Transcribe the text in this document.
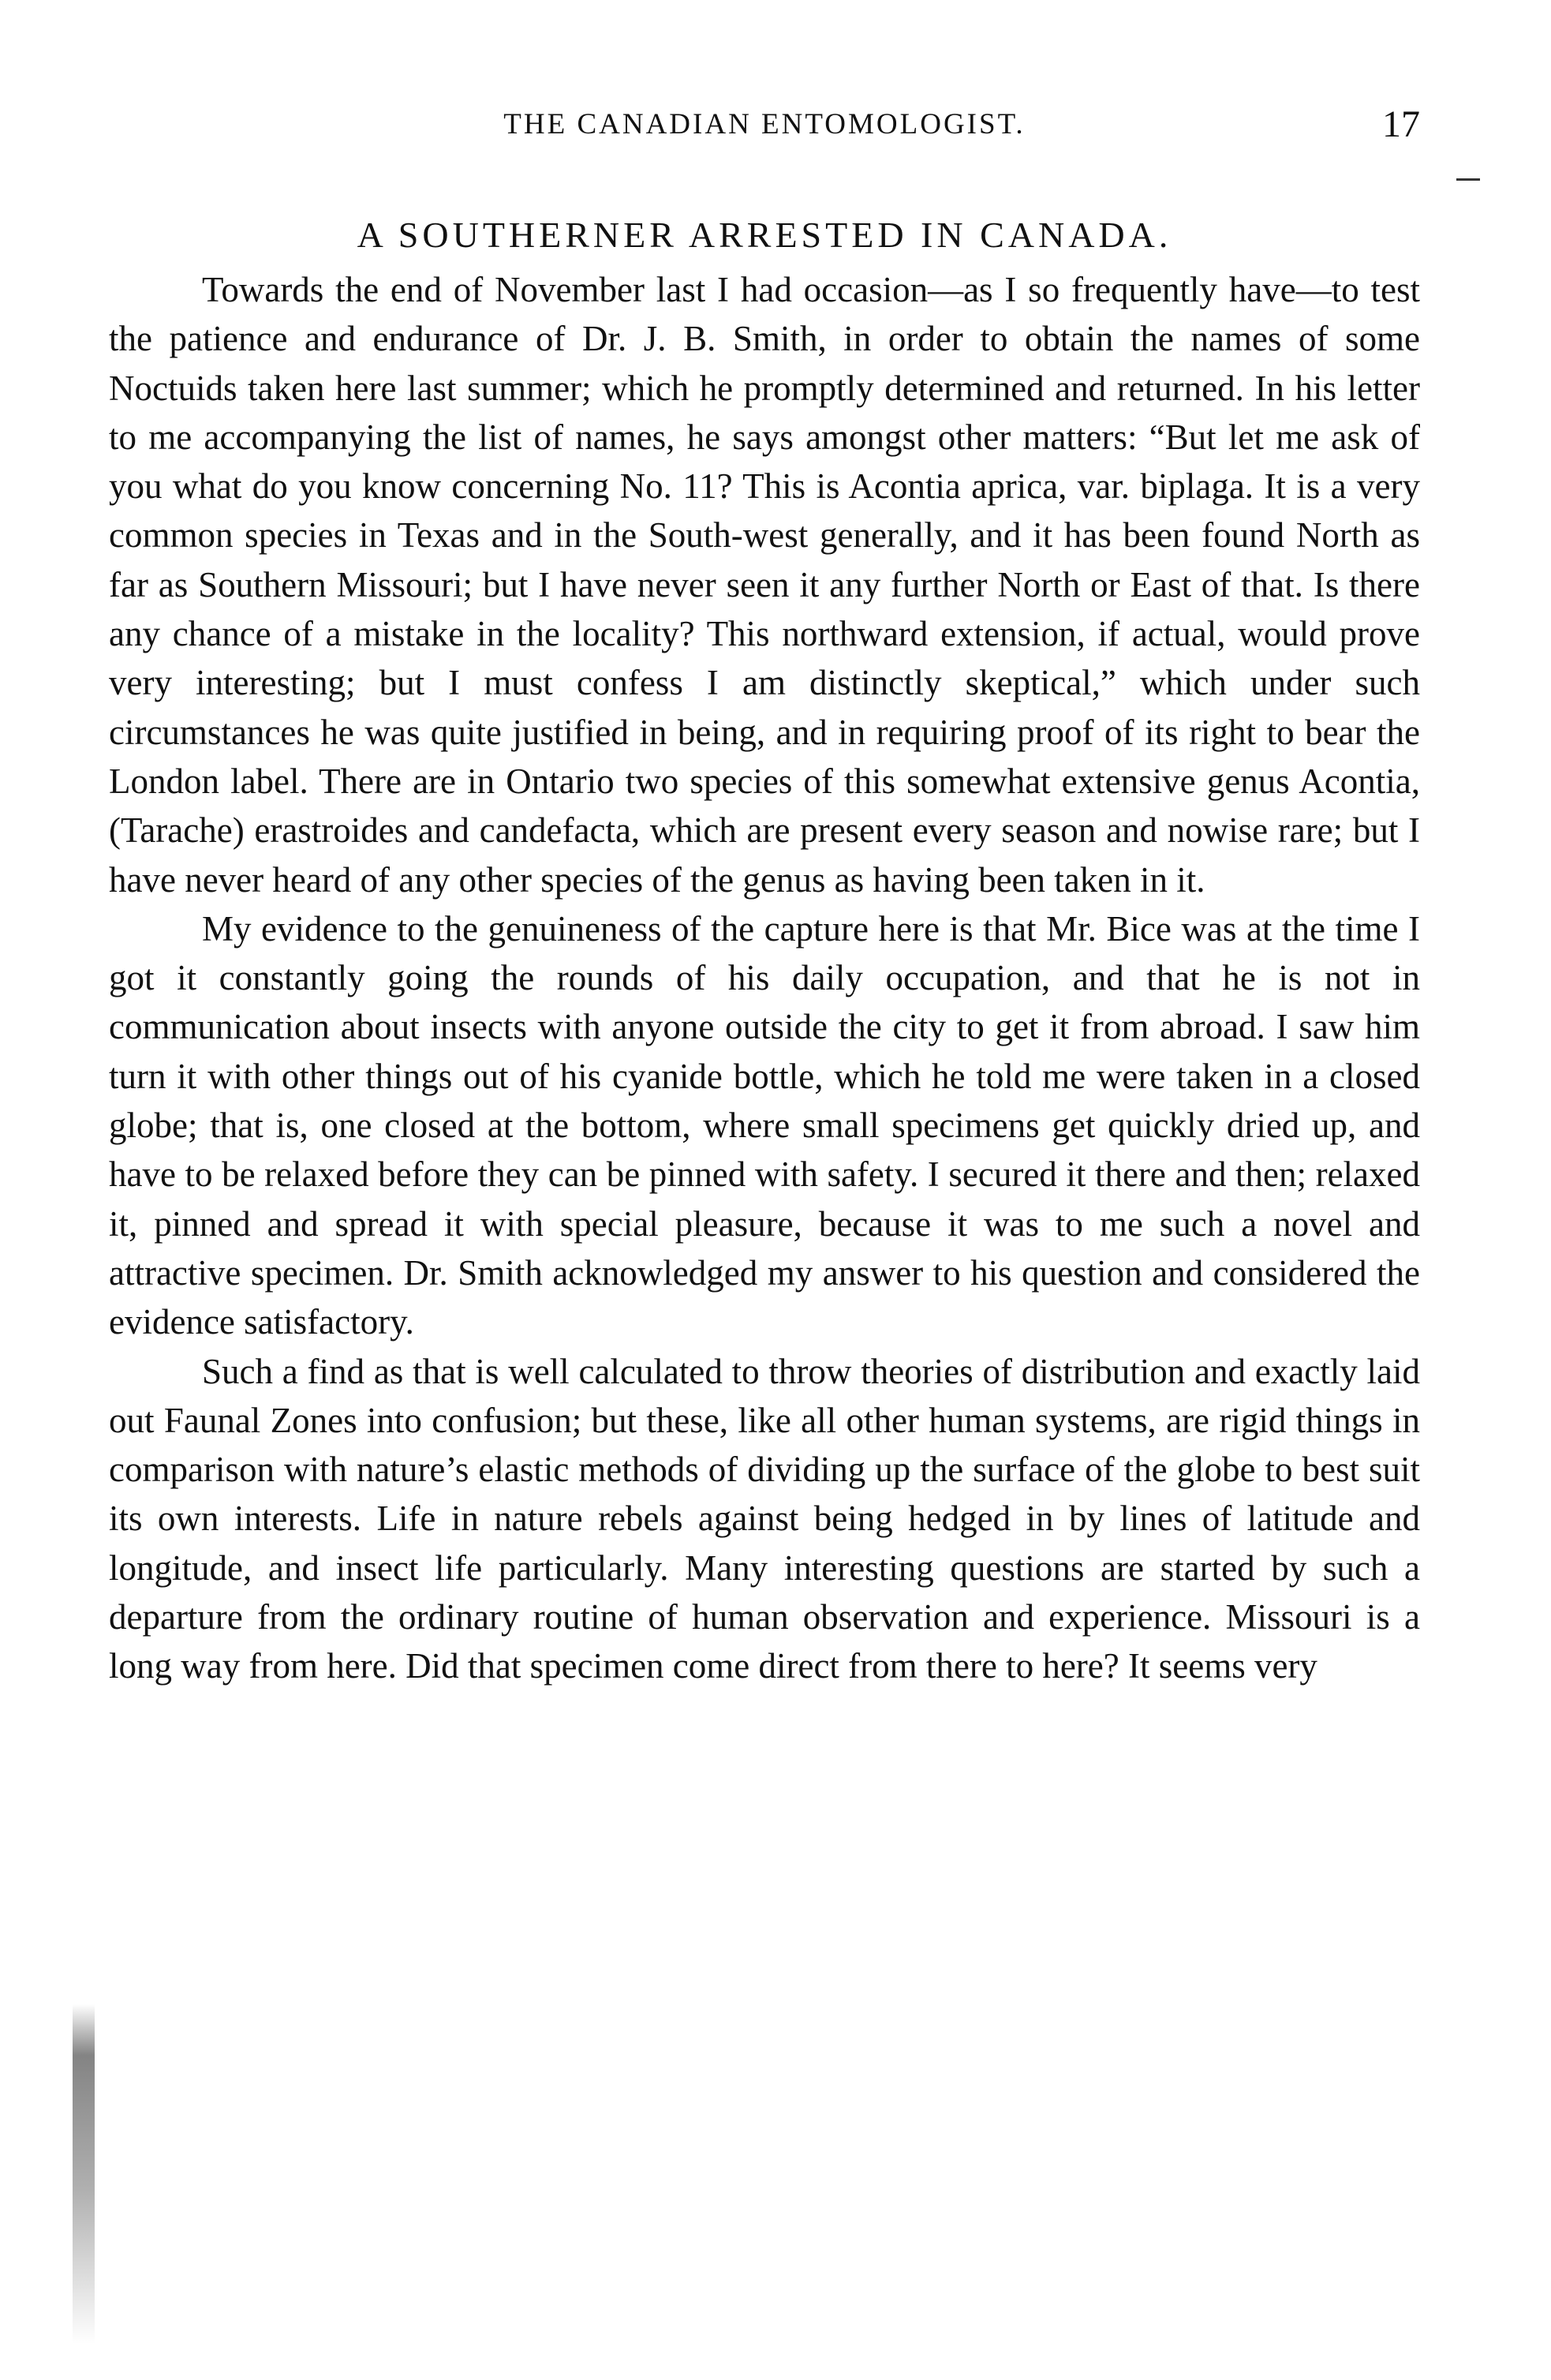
THE CANADIAN ENTOMOLOGIST.	17
A SOUTHERNER ARRESTED IN CANADA.

Towards the end of November last I had occasion—as I so frequently have—to test the patience and endurance of Dr. J. B. Smith, in order to obtain the names of some Noctuids taken here last summer; which he promptly determined and returned. In his letter to me accompanying the list of names, he says amongst other matters: “But let me ask of you what do you know concerning No. 11? This is Acontia aprica, var. biplaga. It is a very common species in Texas and in the South-west generally, and it has been found North as far as Southern Missouri; but I have never seen it any further North or East of that. Is there any chance of a mistake in the locality? This northward extension, if actual, would prove very interesting; but I must confess I am distinctly skeptical,” which under such circumstances he was quite justified in being, and in requiring proof of its right to bear the London label. There are in Ontario two species of this somewhat extensive genus Acontia, (Tarache) erastroides and candefacta, which are present every season and nowise rare; but I have never heard of any other species of the genus as having been taken in it.

My evidence to the genuineness of the capture here is that Mr. Bice was at the time I got it constantly going the rounds of his daily occupation, and that he is not in communication about insects with anyone outside the city to get it from abroad. I saw him turn it with other things out of his cyanide bottle, which he told me were taken in a closed globe; that is, one closed at the bottom, where small specimens get quickly dried up, and have to be relaxed before they can be pinned with safety. I secured it there and then; relaxed it, pinned and spread it with special pleasure, because it was to me such a novel and attractive specimen. Dr. Smith acknowledged my answer to his question and considered the evidence satisfactory.

Such a find as that is well calculated to throw theories of distribution and exactly laid out Faunal Zones into confusion; but these, like all other human systems, are rigid things in comparison with nature’s elastic methods of dividing up the surface of the globe to best suit its own interests. Life in nature rebels against being hedged in by lines of latitude and longitude, and insect life particularly. Many interesting questions are started by such a departure from the ordinary routine of human observation and experience. Missouri is a long way from here. Did that specimen come direct from there to here? It seems very
